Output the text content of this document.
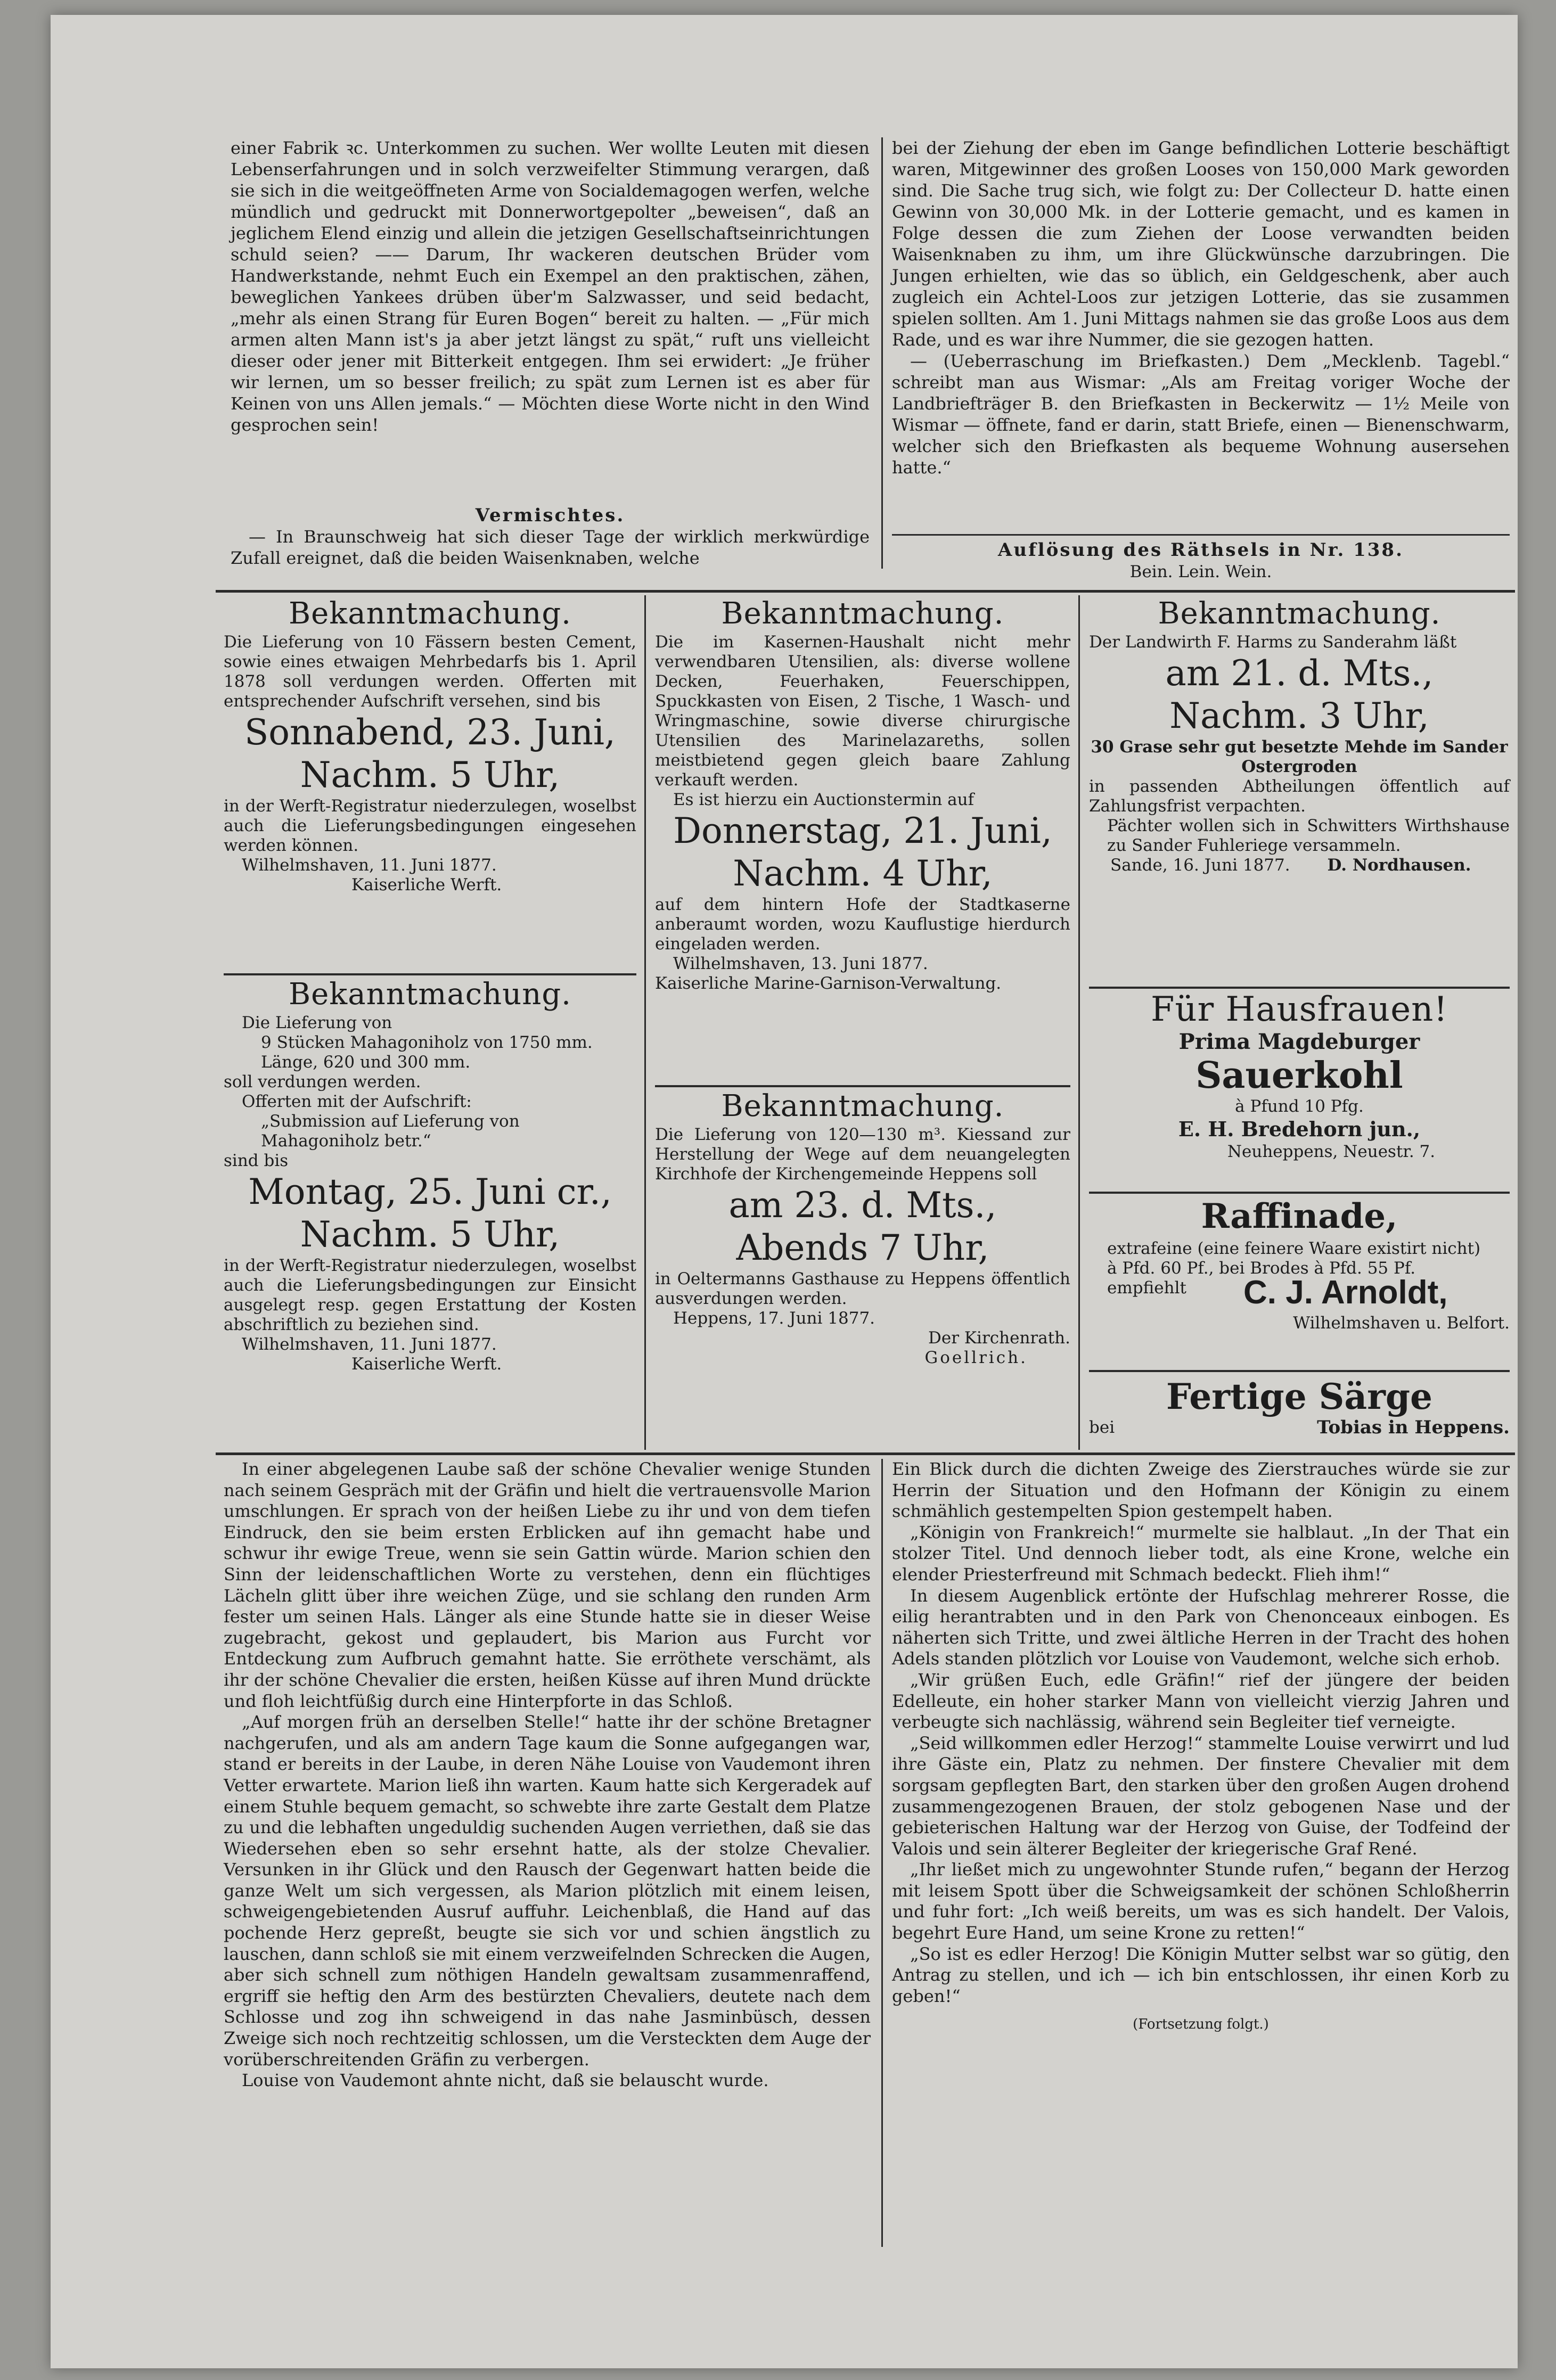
einer Fabrik ꝛc. Unterkommen zu suchen. Wer wollte Leuten mit diesen Lebenserfahrungen und in solch verzweifelter Stimmung verargen, daß sie sich in die weitgeöffneten Arme von Socialdemagogen werfen, welche mündlich und gedruckt mit Donnerwortgepolter „beweisen“, daß an jeglichem Elend einzig und allein die jetzigen Gesellschaftseinrichtungen schuld seien? —— Darum, Ihr wackeren deutschen Brüder vom Handwerkstande, nehmt Euch ein Exempel an den praktischen, zähen, beweglichen Yankees drüben über'm Salzwasser, und seid bedacht, „mehr als einen Strang für Euren Bogen“ bereit zu halten. — „Für mich armen alten Mann ist's ja aber jetzt längst zu spät,“ ruft uns vielleicht dieser oder jener mit Bitterkeit entgegen. Ihm sei erwidert: „Je früher wir lernen, um so besser freilich; zu spät zum Lernen ist es aber für Keinen von uns Allen jemals.“ — Möchten diese Worte nicht in den Wind gesprochen sein!

Vermischtes.

— In Braunschweig hat sich dieser Tage der wirklich merkwürdige Zufall ereignet, daß die beiden Waisenknaben, welche

bei der Ziehung der eben im Gange befindlichen Lotterie beschäftigt waren, Mitgewinner des großen Looses von 150,000 Mark geworden sind. Die Sache trug sich, wie folgt zu: Der Collecteur D. hatte einen Gewinn von 30,000 Mk. in der Lotterie gemacht, und es kamen in Folge dessen die zum Ziehen der Loose verwandten beiden Waisenknaben zu ihm, um ihre Glückwünsche darzubringen. Die Jungen erhielten, wie das so üblich, ein Geldgeschenk, aber auch zugleich ein Achtel-Loos zur jetzigen Lotterie, das sie zusammen spielen sollten. Am 1. Juni Mittags nahmen sie das große Loos aus dem Rade, und es war ihre Nummer, die sie gezogen hatten.

— (Ueberraschung im Briefkasten.) Dem „Mecklenb. Tagebl.“ schreibt man aus Wismar: „Als am Freitag voriger Woche der Landbriefträger B. den Briefkasten in Beckerwitz — 1½ Meile von Wismar — öffnete, fand er darin, statt Briefe, einen — Bienenschwarm, welcher sich den Briefkasten als bequeme Wohnung ausersehen hatte.“

Auflösung des Räthsels in Nr. 138.
Bein. Lein. Wein.
Bekanntmachung.
Die Lieferung von 10 Fässern besten Cement, sowie eines etwaigen Mehrbedarfs bis 1. April 1878 soll verdungen werden. Offerten mit entsprechender Aufschrift versehen, sind bis
Sonnabend, 23. Juni,
Nachm. 5 Uhr,
in der Werft-Registratur niederzulegen, woselbst auch die Lieferungsbedingungen eingesehen werden können.
Wilhelmshaven, 11. Juni 1877.
Kaiserliche Werft.
Bekanntmachung.
Die Lieferung von
9 Stücken Mahagoniholz von 1750 mm. Länge, 620 und 300 mm.
soll verdungen werden.
Offerten mit der Aufschrift:
„Submission auf Lieferung von Mahagoniholz betr.“
sind bis
Montag, 25. Juni cr.,
Nachm. 5 Uhr,
in der Werft-Registratur niederzulegen, woselbst auch die Lieferungsbedingungen zur Einsicht ausgelegt resp. gegen Erstattung der Kosten abschriftlich zu beziehen sind.
Wilhelmshaven, 11. Juni 1877.
Kaiserliche Werft.
Bekanntmachung.
Die im Kasernen-Haushalt nicht mehr verwendbaren Utensilien, als: diverse wollene Decken, Feuerhaken, Feuerschippen, Spuckkasten von Eisen, 2 Tische, 1 Wasch- und Wringmaschine, sowie diverse chirurgische Utensilien des Marinelazareths, sollen meistbietend gegen gleich baare Zahlung verkauft werden.
Es ist hierzu ein Auctionstermin auf
Donnerstag, 21. Juni,
Nachm. 4 Uhr,
auf dem hintern Hofe der Stadtkaserne anberaumt worden, wozu Kauflustige hierdurch eingeladen werden.
Wilhelmshaven, 13. Juni 1877.
Kaiserliche Marine-Garnison-Verwaltung.
Bekanntmachung.
Die Lieferung von 120—130 m³. Kiessand zur Herstellung der Wege auf dem neuangelegten Kirchhofe der Kirchengemeinde Heppens soll
am 23. d. Mts.,
Abends 7 Uhr,
in Oeltermanns Gasthause zu Heppens öffentlich ausverdungen werden.
Heppens, 17. Juni 1877.
Der Kirchenrath.
Goellrich.
Bekanntmachung.
Der Landwirth F. Harms zu Sanderahm läßt
am 21. d. Mts.,
Nachm. 3 Uhr,
30 Grase sehr gut besetzte Mehde im Sander Ostergroden
in passenden Abtheilungen öffentlich auf Zahlungsfrist verpachten.
Pächter wollen sich in Schwitters Wirthshause zu Sander Fuhleriege versammeln.
Sande, 16. Juni 1877. D. Nordhausen.
Für Hausfrauen!
Prima Magdeburger
Sauerkohl
à Pfund 10 Pfg.
E. H. Bredehorn jun.,
Neuheppens, Neuestr. 7.
Raffinade,
extrafeine (eine feinere Waare existirt nicht)
à Pfd. 60 Pf., bei Brodes à Pfd. 55 Pf.
empfiehlt C. J. Arnoldt,
Wilhelmshaven u. Belfort.
Fertige Särge
bei	Tobias in Heppens.

In einer abgelegenen Laube saß der schöne Chevalier wenige Stunden nach seinem Gespräch mit der Gräfin und hielt die vertrauensvolle Marion umschlungen. Er sprach von der heißen Liebe zu ihr und von dem tiefen Eindruck, den sie beim ersten Erblicken auf ihn gemacht habe und schwur ihr ewige Treue, wenn sie sein Gattin würde. Marion schien den Sinn der leidenschaftlichen Worte zu verstehen, denn ein flüchtiges Lächeln glitt über ihre weichen Züge, und sie schlang den runden Arm fester um seinen Hals. Länger als eine Stunde hatte sie in dieser Weise zugebracht, gekost und geplaudert, bis Marion aus Furcht vor Entdeckung zum Aufbruch gemahnt hatte. Sie erröthete verschämt, als ihr der schöne Chevalier die ersten, heißen Küsse auf ihren Mund drückte und floh leichtfüßig durch eine Hinterpforte in das Schloß.

„Auf morgen früh an derselben Stelle!“ hatte ihr der schöne Bretagner nachgerufen, und als am andern Tage kaum die Sonne aufgegangen war, stand er bereits in der Laube, in deren Nähe Louise von Vaudemont ihren Vetter erwartete. Marion ließ ihn warten. Kaum hatte sich Kergeradek auf einem Stuhle bequem gemacht, so schwebte ihre zarte Gestalt dem Platze zu und die lebhaften ungeduldig suchenden Augen verriethen, daß sie das Wiedersehen eben so sehr ersehnt hatte, als der stolze Chevalier. Versunken in ihr Glück und den Rausch der Gegenwart hatten beide die ganze Welt um sich vergessen, als Marion plötzlich mit einem leisen, schweigengebietenden Ausruf auffuhr. Leichenblaß, die Hand auf das pochende Herz gepreßt, beugte sie sich vor und schien ängstlich zu lauschen, dann schloß sie mit einem verzweifelnden Schrecken die Augen, aber sich schnell zum nöthigen Handeln gewaltsam zusammenraffend, ergriff sie heftig den Arm des bestürzten Chevaliers, deutete nach dem Schlosse und zog ihn schweigend in das nahe Jasminbüsch, dessen Zweige sich noch rechtzeitig schlossen, um die Versteckten dem Auge der vorüberschreitenden Gräfin zu verbergen.

Louise von Vaudemont ahnte nicht, daß sie belauscht wurde.

Ein Blick durch die dichten Zweige des Zierstrauches würde sie zur Herrin der Situation und den Hofmann der Königin zu einem schmählich gestempelten Spion gestempelt haben.

„Königin von Frankreich!“ murmelte sie halblaut. „In der That ein stolzer Titel. Und dennoch lieber todt, als eine Krone, welche ein elender Priesterfreund mit Schmach bedeckt. Flieh ihm!“

In diesem Augenblick ertönte der Hufschlag mehrerer Rosse, die eilig herantrabten und in den Park von Chenonceaux einbogen. Es näherten sich Tritte, und zwei ältliche Herren in der Tracht des hohen Adels standen plötzlich vor Louise von Vaudemont, welche sich erhob.

„Wir grüßen Euch, edle Gräfin!“ rief der jüngere der beiden Edelleute, ein hoher starker Mann von vielleicht vierzig Jahren und verbeugte sich nachlässig, während sein Begleiter tief verneigte.

„Seid willkommen edler Herzog!“ stammelte Louise verwirrt und lud ihre Gäste ein, Platz zu nehmen. Der finstere Chevalier mit dem sorgsam gepflegten Bart, den starken über den großen Augen drohend zusammengezogenen Brauen, der stolz gebogenen Nase und der gebieterischen Haltung war der Herzog von Guise, der Todfeind der Valois und sein älterer Begleiter der kriegerische Graf René.

„Ihr ließet mich zu ungewohnter Stunde rufen,“ begann der Herzog mit leisem Spott über die Schweigsamkeit der schönen Schloßherrin und fuhr fort: „Ich weiß bereits, um was es sich handelt. Der Valois, begehrt Eure Hand, um seine Krone zu retten!“

„So ist es edler Herzog! Die Königin Mutter selbst war so gütig, den Antrag zu stellen, und ich — ich bin entschlossen, ihr einen Korb zu geben!“

(Fortsetzung folgt.)
